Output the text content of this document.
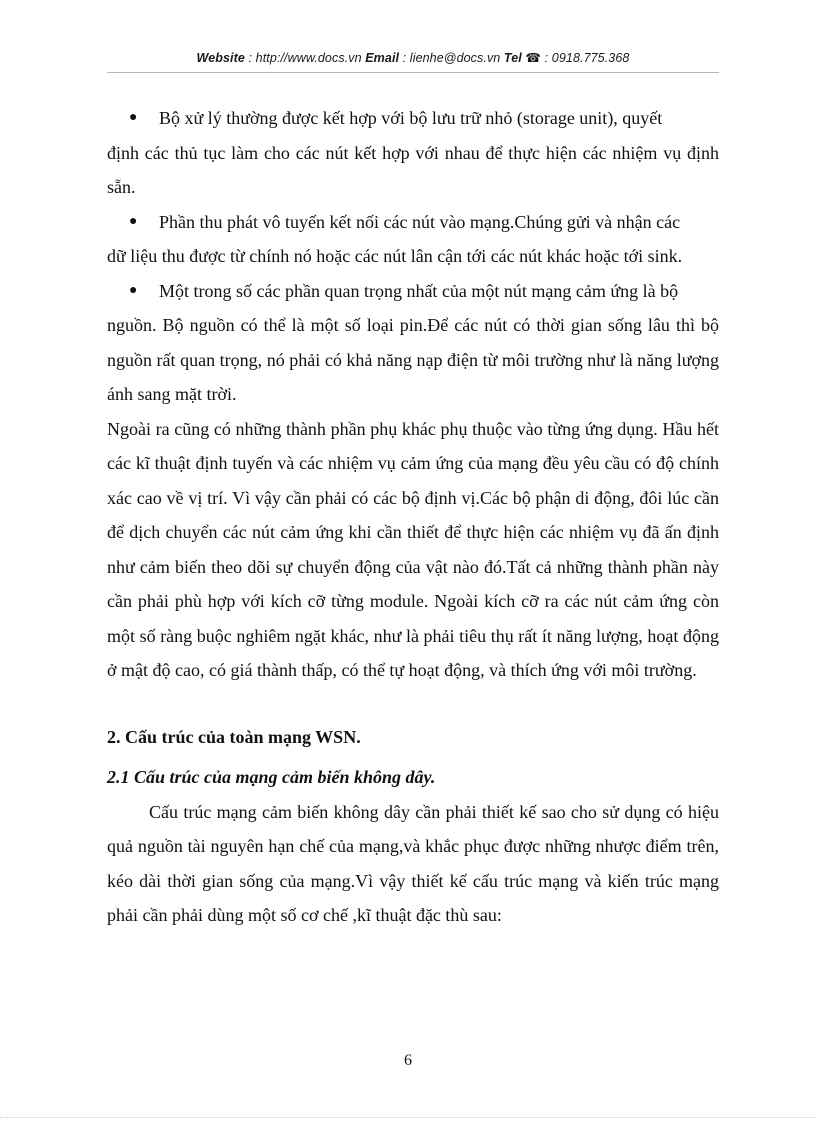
Website : http://www.docs.vn Email : lienhe@docs.vn Tel ☎ : 0918.775.368
● Bộ xử lý thường được kết hợp với bộ lưu trữ nhỏ (storage unit), quyết
định các thủ tục làm cho các nút kết hợp với nhau để thực hiện các nhiệm vụ định sẵn.
● Phần thu phát vô tuyến kết nối các nút vào mạng.Chúng gửi và nhận các
dữ liệu thu được từ chính nó hoặc các nút lân cận tới các nút khác hoặc tới sink.
● Một trong số các phần quan trọng nhất của một nút mạng cảm ứng là bộ
nguồn. Bộ nguồn có thể là một số loại pin.Để các nút có thời gian sống lâu thì bộ nguồn rất quan trọng, nó phải có khả năng nạp điện từ môi trường như là năng lượng ánh sang mặt trời.

Ngoài ra cũng có những thành phần phụ khác phụ thuộc vào từng ứng dụng. Hầu hết các kĩ thuật định tuyến và các nhiệm vụ cảm ứng của mạng đều yêu cầu có độ chính xác cao về vị trí. Vì vậy cần phải có các bộ định vị.Các bộ phận di động, đôi lúc cần để dịch chuyển các nút cảm ứng khi cần thiết để thực hiện các nhiệm vụ đã ấn định như cảm biến theo dõi sự chuyển động của vật nào đó.Tất cả những thành phần này cần phải phù hợp với kích cỡ từng module. Ngoài kích cỡ ra các nút cảm ứng còn một số ràng buộc nghiêm ngặt khác, như là phải tiêu thụ rất ít năng lượng, hoạt động ở mật độ cao, có giá thành thấp, có thể tự hoạt động, và thích ứng với môi trường.

2. Cấu trúc của toàn mạng WSN.

2.1 Cấu trúc của mạng cảm biến không dây.

Cấu trúc mạng cảm biến không dây cần phải thiết kế sao cho sử dụng có hiệu quả nguồn tài nguyên hạn chế của mạng,và khắc phục được những nhược điểm trên, kéo dài thời gian sống của mạng.Vì vậy thiết kế cấu trúc mạng và kiến trúc mạng phải cần phải dùng một số cơ chế ,kĩ thuật đặc thù sau:

6
